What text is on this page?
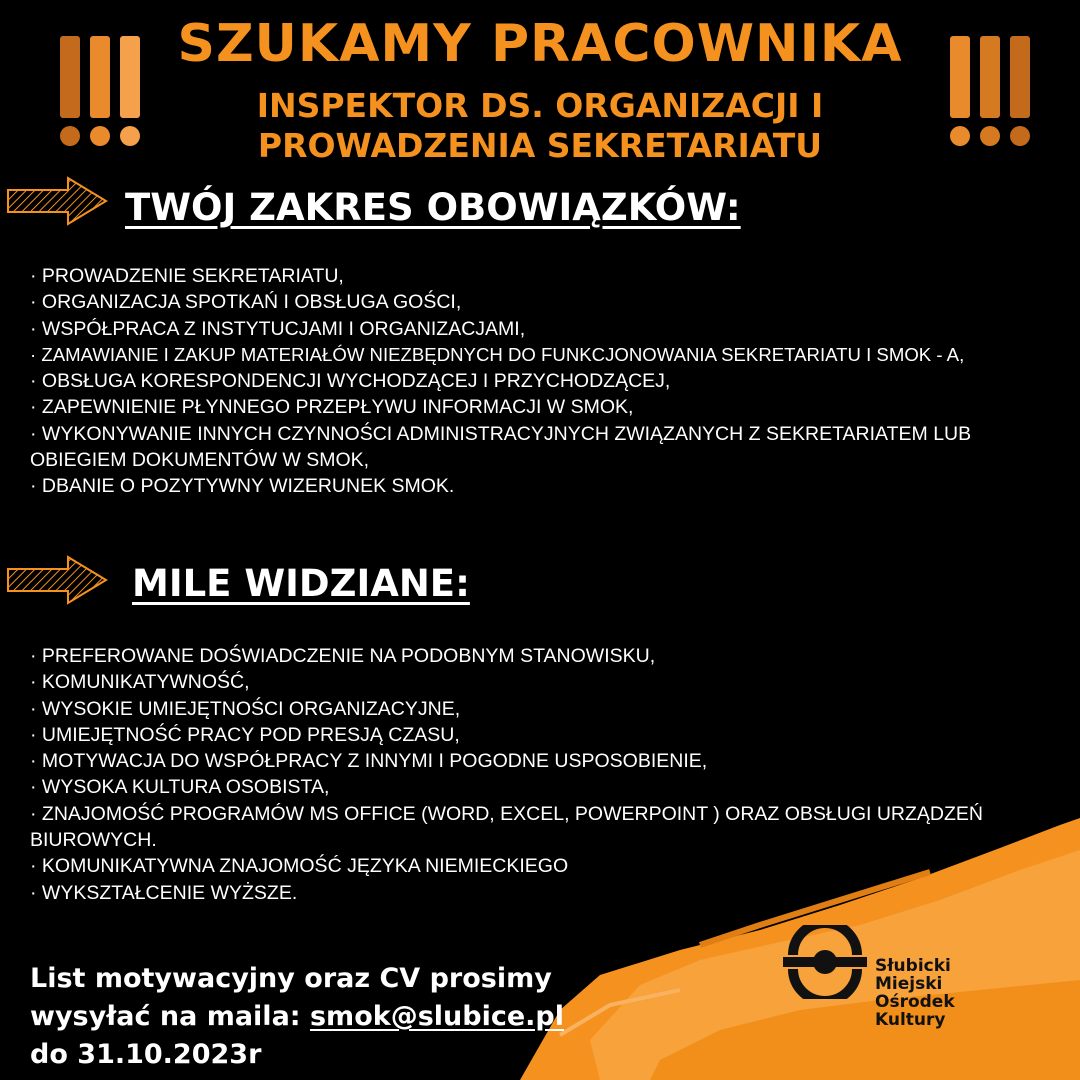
SZUKAMY PRACOWNIKA
INSPEKTOR DS. ORGANIZACJI I
PROWADZENIA SEKRETARIATU
TWÓJ ZAKRES OBOWIĄZKÓW:
· PROWADZENIE SEKRETARIATU,
· ORGANIZACJA SPOTKAŃ I OBSŁUGA GOŚCI,
· WSPÓŁPRACA Z INSTYTUCJAMI I ORGANIZACJAMI,
· ZAMAWIANIE I ZAKUP MATERIAŁÓW NIEZBĘDNYCH DO FUNKCJONOWANIA SEKRETARIATU I SMOK - A,
· OBSŁUGA KORESPONDENCJI WYCHODZĄCEJ I PRZYCHODZĄCEJ,
· ZAPEWNIENIE PŁYNNEGO PRZEPŁYWU INFORMACJI W SMOK,
· WYKONYWANIE INNYCH CZYNNOŚCI ADMINISTRACYJNYCH ZWIĄZANYCH Z SEKRETARIATEM LUB OBIEGIEM DOKUMENTÓW W SMOK,
· DBANIE O POZYTYWNY WIZERUNEK SMOK.
MILE WIDZIANE:
· PREFEROWANE DOŚWIADCZENIE NA PODOBNYM STANOWISKU,
· KOMUNIKATYWNOŚĆ,
· WYSOKIE UMIEJĘTNOŚCI ORGANIZACYJNE,
· UMIEJĘTNOŚĆ PRACY POD PRESJĄ CZASU,
· MOTYWACJA DO WSPÓŁPRACY Z INNYMI I POGODNE USPOSOBIENIE,
· WYSOKA KULTURA OSOBISTA,
· ZNAJOMOŚĆ PROGRAMÓW MS OFFICE (WORD, EXCEL, POWERPOINT ) ORAZ OBSŁUGI URZĄDZEŃ BIUROWYCH.
· KOMUNIKATYWNA ZNAJOMOŚĆ JĘZYKA NIEMIECKIEGO
· WYKSZTAŁCENIE WYŻSZE.
List motywacyjny oraz CV prosimy
wysyłać na maila: smok@slubice.pl
do 31.10.2023r
Słubicki
Miejski
Ośrodek
Kultury
